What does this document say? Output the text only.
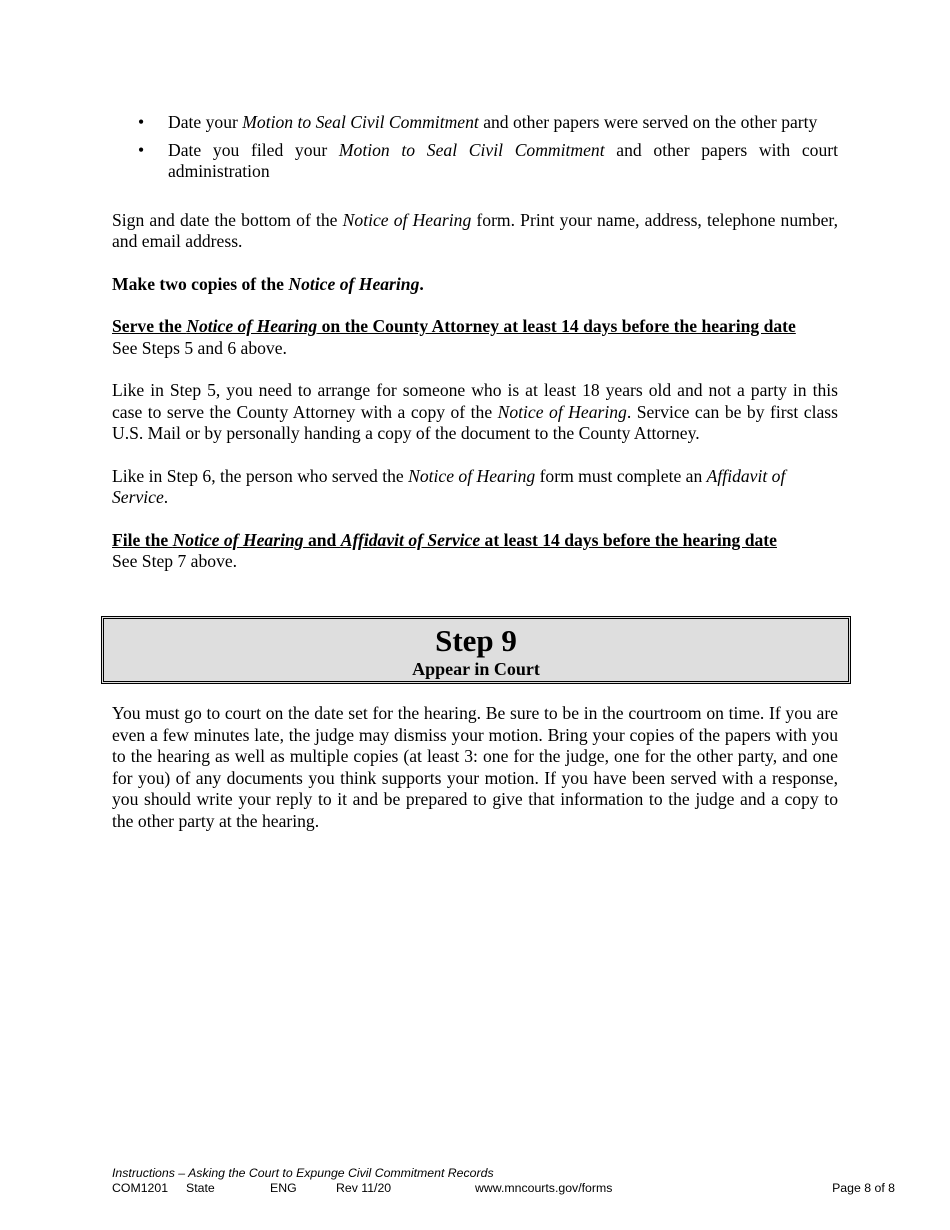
• Date your Motion to Seal Civil Commitment and other papers were served on the other party
• Date you filed your Motion to Seal Civil Commitment and other papers with court administration

Sign and date the bottom of the Notice of Hearing form. Print your name, address, telephone number, and email address.

Make two copies of the Notice of Hearing.

Serve the Notice of Hearing on the County Attorney at least 14 days before the hearing date

See Steps 5 and 6 above.

Like in Step 5, you need to arrange for someone who is at least 18 years old and not a party in this case to serve the County Attorney with a copy of the Notice of Hearing. Service can be by first class U.S. Mail or by personally handing a copy of the document to the County Attorney.

Like in Step 6, the person who served the Notice of Hearing form must complete an Affidavit of Service.

File the Notice of Hearing and Affidavit of Service at least 14 days before the hearing date

See Step 7 above.

Step 9
Appear in Court

You must go to court on the date set for the hearing. Be sure to be in the courtroom on time. If you are even a few minutes late, the judge may dismiss your motion. Bring your copies of the papers with you to the hearing as well as multiple copies (at least 3: one for the judge, one for the other party, and one for you) of any documents you think supports your motion. If you have been served with a response, you should write your reply to it and be prepared to give that information to the judge and a copy to the other party at the hearing.

Instructions – Asking the Court to Expunge Civil Commitment Records
COM1201 State	ENG	Rev 11/20	www.mncourts.gov/forms	Page 8 of 8
